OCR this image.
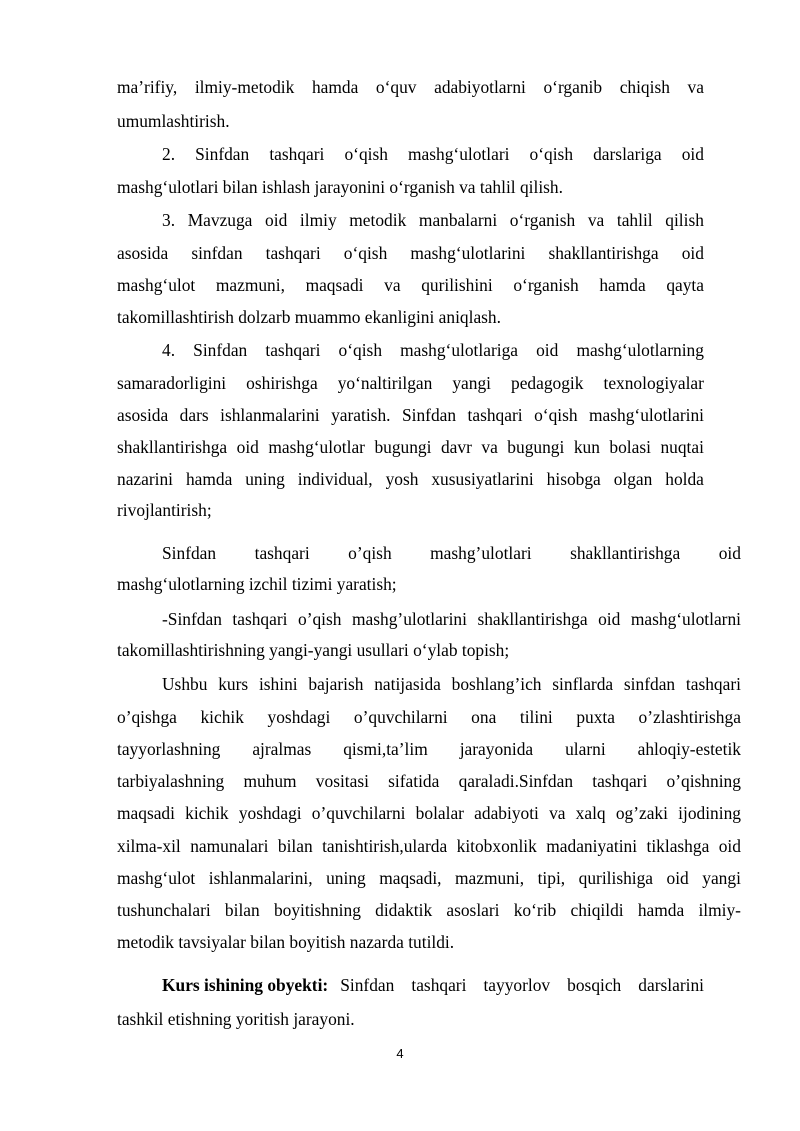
ma’rifiy, ilmiy-metodik hamda o‘quv adabiyotlarni o‘rganib chiqish va
umumlashtirish.
2. Sinfdan tashqari o‘qish mashg‘ulotlari o‘qish darslariga oid
mashg‘ulotlari bilan ishlash jarayonini o‘rganish va tahlil qilish.
3. Mavzuga oid ilmiy metodik manbalarni o‘rganish va tahlil qilish
asosida sinfdan tashqari o‘qish mashg‘ulotlarini shakllantirishga oid
mashg‘ulot mazmuni, maqsadi va qurilishini o‘rganish hamda qayta
takomillashtirish dolzarb muammo ekanligini aniqlash.
4. Sinfdan tashqari o‘qish mashg‘ulotlariga oid mashg‘ulotlarning
samaradorligini oshirishga yo‘naltirilgan yangi pedagogik texnologiyalar
asosida dars ishlanmalarini yaratish. Sinfdan tashqari o‘qish mashg‘ulotlarini
shakllantirishga oid mashg‘ulotlar bugungi davr va bugungi kun bolasi nuqtai
nazarini hamda uning individual, yosh xususiyatlarini hisobga olgan holda
rivojlantirish;
Sinfdan tashqari o’qish mashg’ulotlari shakllantirishga oid
mashg‘ulotlarning izchil tizimi yaratish;
-Sinfdan tashqari o’qish mashg’ulotlarini shakllantirishga oid mashg‘ulotlarni
takomillashtirishning yangi-yangi usullari o‘ylab topish;
Ushbu kurs ishini bajarish natijasida boshlang’ich sinflarda sinfdan tashqari
o’qishga kichik yoshdagi o’quvchilarni ona tilini puxta o’zlashtirishga
tayyorlashning ajralmas qismi,ta’lim jarayonida ularni ahloqiy-estetik
tarbiyalashning muhum vositasi sifatida qaraladi.Sinfdan tashqari o’qishning
maqsadi kichik yoshdagi o’quvchilarni bolalar adabiyoti va xalq og’zaki ijodining
xilma-xil namunalari bilan tanishtirish,ularda kitobxonlik madaniyatini tiklashga oid
mashg‘ulot ishlanmalarini, uning maqsadi, mazmuni, tipi, qurilishiga oid yangi
tushunchalari bilan boyitishning didaktik asoslari ko‘rib chiqildi hamda ilmiy-
metodik tavsiyalar bilan boyitish nazarda tutildi.
Kurs ishining obyekti: Sinfdan tashqari tayyorlov bosqich darslarini
tashkil etishning yoritish jarayoni.
4
